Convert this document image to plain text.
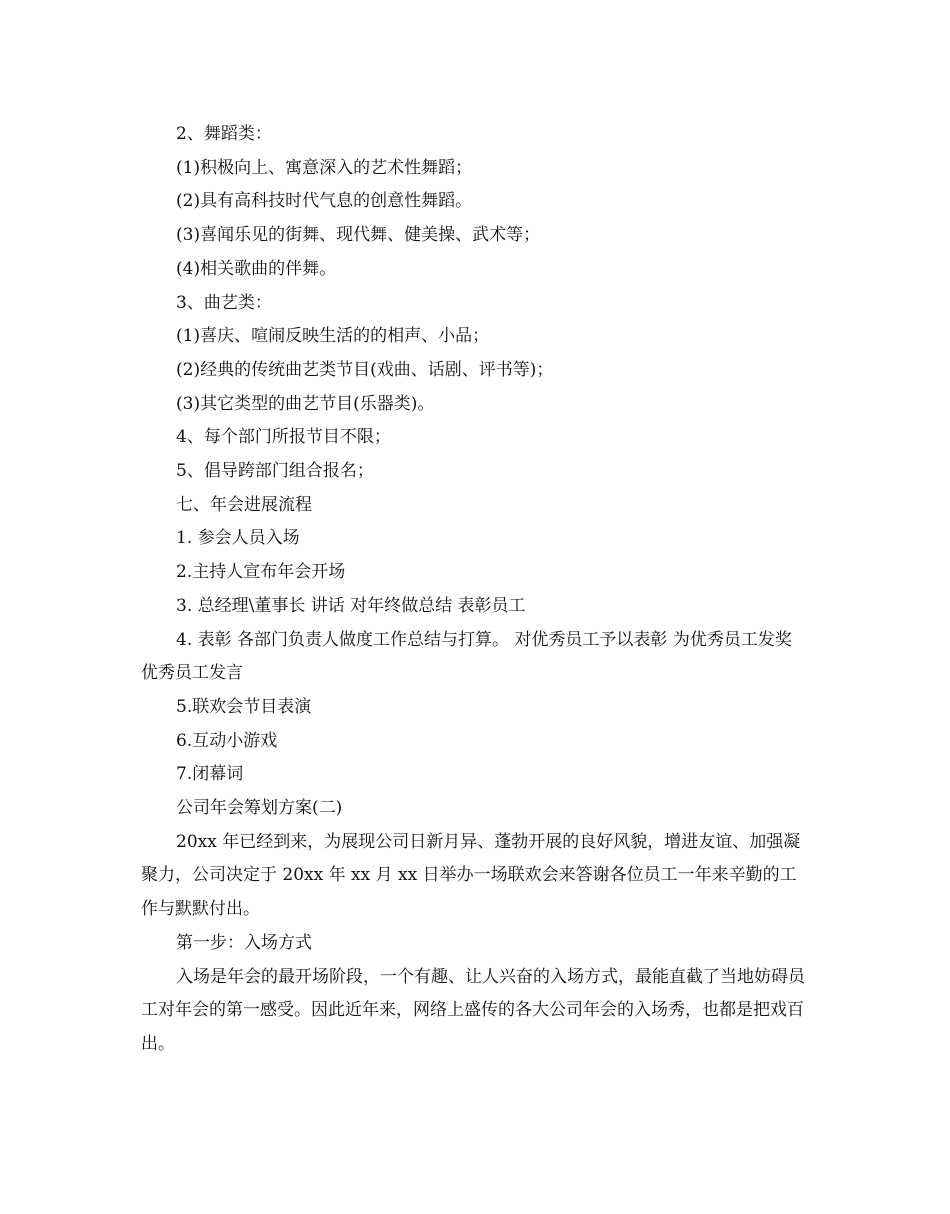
2、舞蹈类：

(1)积极向上、寓意深入的艺术性舞蹈；

(2)具有高科技时代气息的创意性舞蹈。

(3)喜闻乐见的街舞、现代舞、健美操、武术等；

(4)相关歌曲的伴舞。

3、曲艺类：

(1)喜庆、喧闹反映生活的的相声、小品；

(2)经典的传统曲艺类节目(戏曲、话剧、评书等)；

(3)其它类型的曲艺节目(乐器类)。

4、每个部门所报节目不限；

5、倡导跨部门组合报名；

七、年会进展流程

1. 参会人员入场

2.主持人宣布年会开场

3. 总经理\董事长 讲话 对年终做总结 表彰员工

4. 表彰 各部门负责人做度工作总结与打算。 对优秀员工予以表彰 为优秀员工发奖 优秀员工发言

5.联欢会节目表演

6.互动小游戏

7.闭幕词

公司年会筹划方案(二)

20xx 年已经到来，为展现公司日新月异、蓬勃开展的良好风貌，增进友谊、加强凝聚力，公司决定于 20xx 年 xx 月 xx 日举办一场联欢会来答谢各位员工一年来辛勤的工作与默默付出。

第一步：入场方式

入场是年会的最开场阶段，一个有趣、让人兴奋的入场方式，最能直截了当地妨碍员工对年会的第一感受。因此近年来，网络上盛传的各大公司年会的入场秀，也都是把戏百出。
